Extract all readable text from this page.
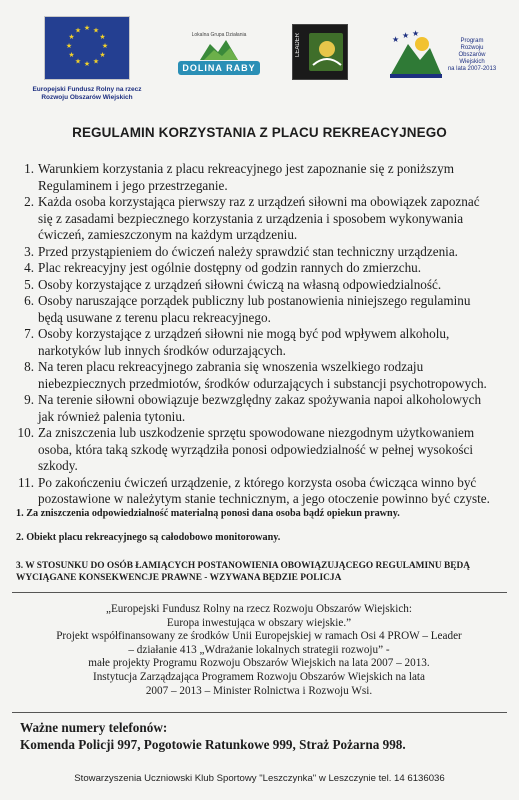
★ ★
★
★
★
★
★
★
★
★
★
★
Europejski Fundusz Rolny na rzecz
Rozwoju Obszarów Wiejskich
Lokalna Grupa Działania
DOLINA RABY
LEADER	★ ★ ★
Program
Rozwoju
Obszarów
Wiejskich
na lata 2007-2013
REGULAMIN KORZYSTANIA Z PLACU REKREACYJNEGO
1. Warunkiem korzystania z placu rekreacyjnego jest zapoznanie się z poniższym
Regulaminem i jego przestrzeganie.
2. Każda osoba korzystająca pierwszy raz z urządzeń siłowni ma obowiązek zapoznać
się z zasadami bezpiecznego korzystania z urządzenia i sposobem wykonywania
ćwiczeń, zamieszczonym na każdym urządzeniu.
3. Przed przystąpieniem do ćwiczeń należy sprawdzić stan techniczny urządzenia.
4. Plac rekreacyjny jest ogólnie dostępny od godzin rannych do zmierzchu.
5. Osoby korzystające z urządzeń siłowni ćwiczą na własną odpowiedzialność.
6. Osoby naruszające porządek publiczny lub postanowienia niniejszego regulaminu
będą usuwane z terenu placu rekreacyjnego.
7. Osoby korzystające z urządzeń siłowni nie mogą być pod wpływem alkoholu,
narkotyków lub innych środków odurzających.
8. Na teren placu rekreacyjnego zabrania się wnoszenia wszelkiego rodzaju
niebezpiecznych przedmiotów, środków odurzających i substancji psychotropowych.
9. Na terenie siłowni obowiązuje bezwzględny zakaz spożywania napoi alkoholowych
jak również palenia tytoniu.
10. Za zniszczenia lub uszkodzenie sprzętu spowodowane niezgodnym użytkowaniem
osoba, która taką szkodę wyrządziła ponosi odpowiedzialność w pełnej wysokości
szkody.
11. Po zakończeniu ćwiczeń urządzenie, z którego korzysta osoba ćwicząca winno być
pozostawione w należytym stanie technicznym, a jego otoczenie powinno być czyste.
1. Za zniszczenia odpowiedzialność materialną ponosi dana osoba bądź opiekun prawny.
2. Obiekt placu rekreacyjnego są całodobowo monitorowany.
3. W STOSUNKU DO OSÓB ŁAMIĄCYCH POSTANOWIENIA OBOWIĄZUJĄCEGO REGULAMINU BĘDĄ
WYCIĄGANE KONSEKWENCJE PRAWNE - WZYWANA BĘDZIE POLICJA
„Europejski Fundusz Rolny na rzecz Rozwoju Obszarów Wiejskich:
Europa inwestująca w obszary wiejskie.”
Projekt współfinansowany ze środków Unii Europejskiej w ramach Osi 4 PROW – Leader
– działanie 413 „Wdrażanie lokalnych strategii rozwoju” -
małe projekty Programu Rozwoju Obszarów Wiejskich na lata 2007 – 2013.
Instytucja Zarządzająca Programem Rozwoju Obszarów Wiejskich na lata
2007 – 2013 – Minister Rolnictwa i Rozwoju Wsi.
Ważne numery telefonów:
Komenda Policji 997, Pogotowie Ratunkowe 999, Straż Pożarna 998.
Stowarzyszenia Uczniowski Klub Sportowy "Leszczynka" w Leszczynie tel. 14 6136036
